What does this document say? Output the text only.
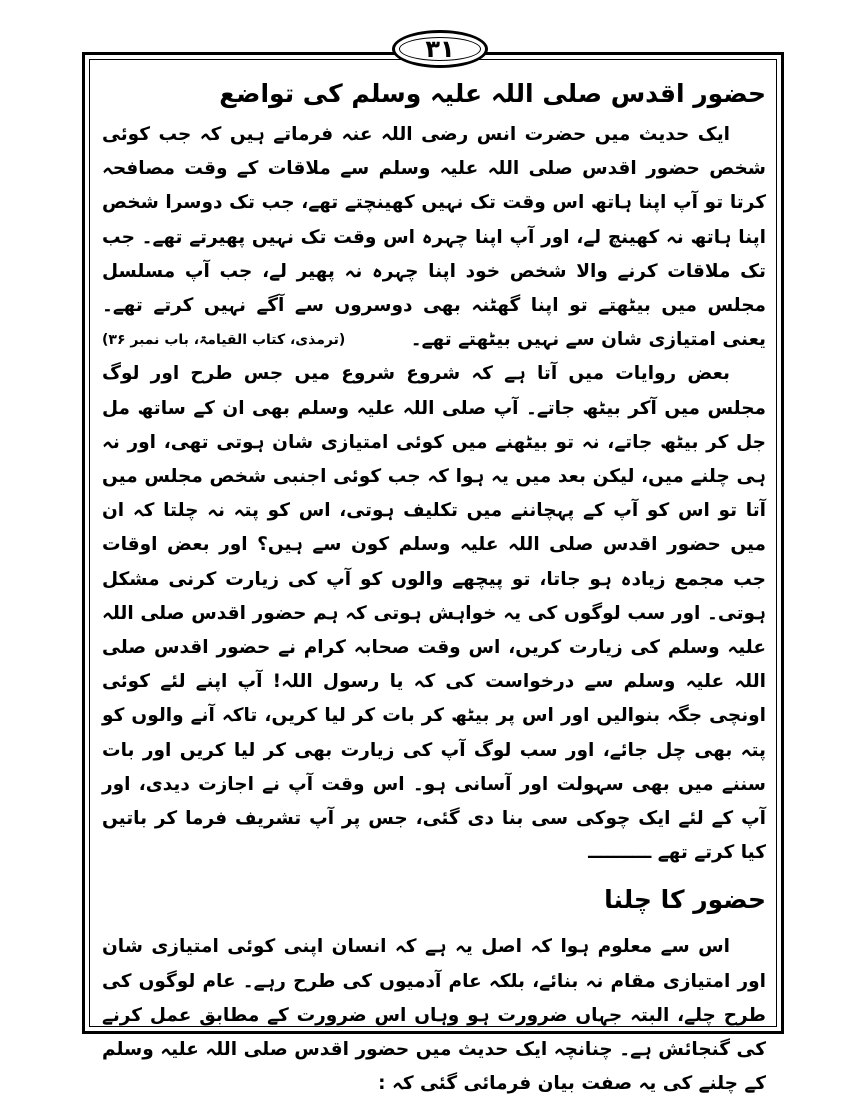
۳۱
حضور اقدس صلی اللہ علیہ وسلم کی تواضع

ایک حدیث میں حضرت انس رضی اللہ عنہ فرماتے ہیں کہ جب کوئی شخص حضور اقدس صلی اللہ علیہ وسلم سے ملاقات کے وقت مصافحہ کرتا تو آپ اپنا ہاتھ اس وقت تک نہیں کھینچتے تھے، جب تک دوسرا شخص اپنا ہاتھ نہ کھینچ لے، اور آپ اپنا چہرہ اس وقت تک نہیں پھیرتے تھے۔ جب تک ملاقات کرنے والا شخص خود اپنا چہرہ نہ پھیر لے، جب آپ مسلسل مجلس میں بیٹھتے تو اپنا گھٹنہ بھی دوسروں سے آگے نہیں کرتے تھے۔ یعنی امتیازی شان سے نہیں بیٹھتے تھے۔
(ترمذی، کتاب القیامۃ، باب نمبر ۳۶)

بعض روایات میں آتا ہے کہ شروع شروع میں جس طرح اور لوگ مجلس میں آکر بیٹھ جاتے۔ آپ صلی اللہ علیہ وسلم بھی ان کے ساتھ مل جل کر بیٹھ جاتے، نہ تو بیٹھنے میں کوئی امتیازی شان ہوتی تھی، اور نہ ہی چلنے میں، لیکن بعد میں یہ ہوا کہ جب کوئی اجنبی شخص مجلس میں آتا تو اس کو آپ کے پہچاننے میں تکلیف ہوتی، اس کو پتہ نہ چلتا کہ ان میں حضور اقدس صلی اللہ علیہ وسلم کون سے ہیں؟ اور بعض اوقات جب مجمع زیادہ ہو جاتا، تو پیچھے والوں کو آپ کی زیارت کرنی مشکل ہوتی۔ اور سب لوگوں کی یہ خواہش ہوتی کہ ہم حضور اقدس صلی اللہ علیہ وسلم کی زیارت کریں، اس وقت صحابہ کرام نے حضور اقدس صلی اللہ علیہ وسلم سے درخواست کی کہ یا رسول اللہ! آپ اپنے لئے کوئی اونچی جگہ بنوالیں اور اس پر بیٹھ کر بات کر لیا کریں، تاکہ آنے والوں کو پتہ بھی چل جائے، اور سب لوگ آپ کی زیارت بھی کر لیا کریں اور بات سننے میں بھی سہولت اور آسانی ہو۔ اس وقت آپ نے اجازت دیدی، اور آپ کے لئے ایک چوکی سی بنا دی گئی، جس پر آپ تشریف فرما کر باتیں کیا کرتے تھے ــــــــــ

حضور کا چلنا

اس سے معلوم ہوا کہ اصل یہ ہے کہ انسان اپنی کوئی امتیازی شان اور امتیازی مقام نہ بنائے، بلکہ عام آدمیوں کی طرح رہے۔ عام لوگوں کی طرح چلے، البتہ جہاں ضرورت ہو وہاں اس ضرورت کے مطابق عمل کرنے کی گنجائش ہے۔ چنانچہ ایک حدیث میں حضور اقدس صلی اللہ علیہ وسلم کے چلنے کی یہ صفت بیان فرمائی گئی کہ :
